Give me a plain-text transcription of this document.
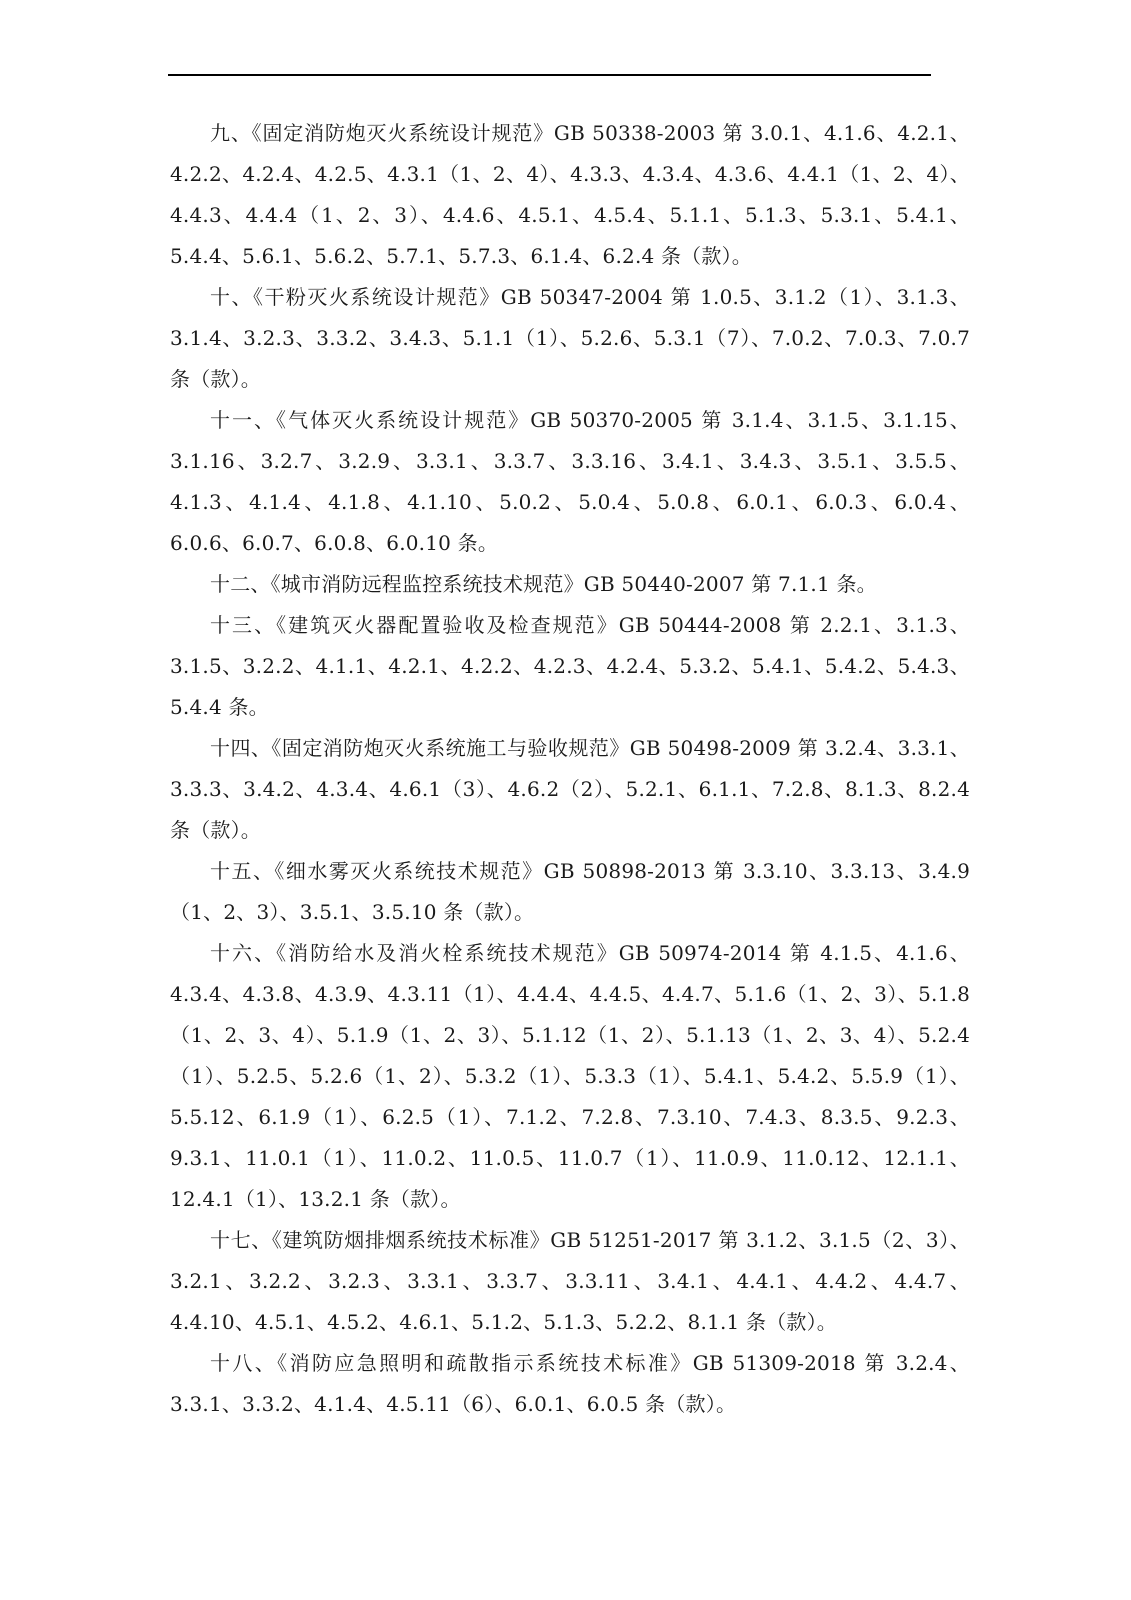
九、《固定消防炮灭火系统设计规范》GB 50338-2003 第 3.0.1、4.1.6、4.2.1、4.2.2、4.2.4、4.2.5、4.3.1（1、2、4）、4.3.3、4.3.4、4.3.6、4.4.1（1、2、4）、4.4.3、4.4.4（1、2、3）、4.4.6、4.5.1、4.5.4、5.1.1、5.1.3、5.3.1、5.4.1、5.4.4、5.6.1、5.6.2、5.7.1、5.7.3、6.1.4、6.2.4 条（款）。

十、《干粉灭火系统设计规范》GB 50347-2004 第 1.0.5、3.1.2（1）、3.1.3、3.1.4、3.2.3、3.3.2、3.4.3、5.1.1（1）、5.2.6、5.3.1（7）、7.0.2、7.0.3、7.0.7 条（款）。

十一、《气体灭火系统设计规范》GB 50370-2005 第 3.1.4、3.1.5、3.1.15、3.1.16、3.2.7、3.2.9、3.3.1、3.3.7、3.3.16、3.4.1、3.4.3、3.5.1、3.5.5、4.1.3、4.1.4、4.1.8、4.1.10、5.0.2、5.0.4、5.0.8、6.0.1、6.0.3、6.0.4、6.0.6、6.0.7、6.0.8、6.0.10 条。

十二、《城市消防远程监控系统技术规范》GB 50440-2007 第 7.1.1 条。

十三、《建筑灭火器配置验收及检查规范》GB 50444-2008 第 2.2.1、3.1.3、3.1.5、3.2.2、4.1.1、4.2.1、4.2.2、4.2.3、4.2.4、5.3.2、5.4.1、5.4.2、5.4.3、5.4.4 条。

十四、《固定消防炮灭火系统施工与验收规范》GB 50498-2009 第 3.2.4、3.3.1、3.3.3、3.4.2、4.3.4、4.6.1（3）、4.6.2（2）、5.2.1、6.1.1、7.2.8、8.1.3、8.2.4 条（款）。

十五、《细水雾灭火系统技术规范》GB 50898-2013 第 3.3.10、3.3.13、3.4.9（1、2、3）、3.5.1、3.5.10 条（款）。

十六、《消防给水及消火栓系统技术规范》GB 50974-2014 第 4.1.5、4.1.6、4.3.4、4.3.8、4.3.9、4.3.11（1）、4.4.4、4.4.5、4.4.7、5.1.6（1、2、3）、5.1.8（1、2、3、4）、5.1.9（1、2、3）、5.1.12（1、2）、5.1.13（1、2、3、4）、5.2.4（1）、5.2.5、5.2.6（1、2）、5.3.2（1）、5.3.3（1）、5.4.1、5.4.2、5.5.9（1）、5.5.12、6.1.9（1）、6.2.5（1）、7.1.2、7.2.8、7.3.10、7.4.3、8.3.5、9.2.3、9.3.1、11.0.1（1）、11.0.2、11.0.5、11.0.7（1）、11.0.9、11.0.12、12.1.1、12.4.1（1）、13.2.1 条（款）。

十七、《建筑防烟排烟系统技术标准》GB 51251-2017 第 3.1.2、3.1.5（2、3）、3.2.1、3.2.2、3.2.3、3.3.1、3.3.7、3.3.11、3.4.1、4.4.1、4.4.2、4.4.7、4.4.10、4.5.1、4.5.2、4.6.1、5.1.2、5.1.3、5.2.2、8.1.1 条（款）。

十八、《消防应急照明和疏散指示系统技术标准》GB 51309-2018 第 3.2.4、3.3.1、3.3.2、4.1.4、4.5.11（6）、6.0.1、6.0.5 条（款）。
